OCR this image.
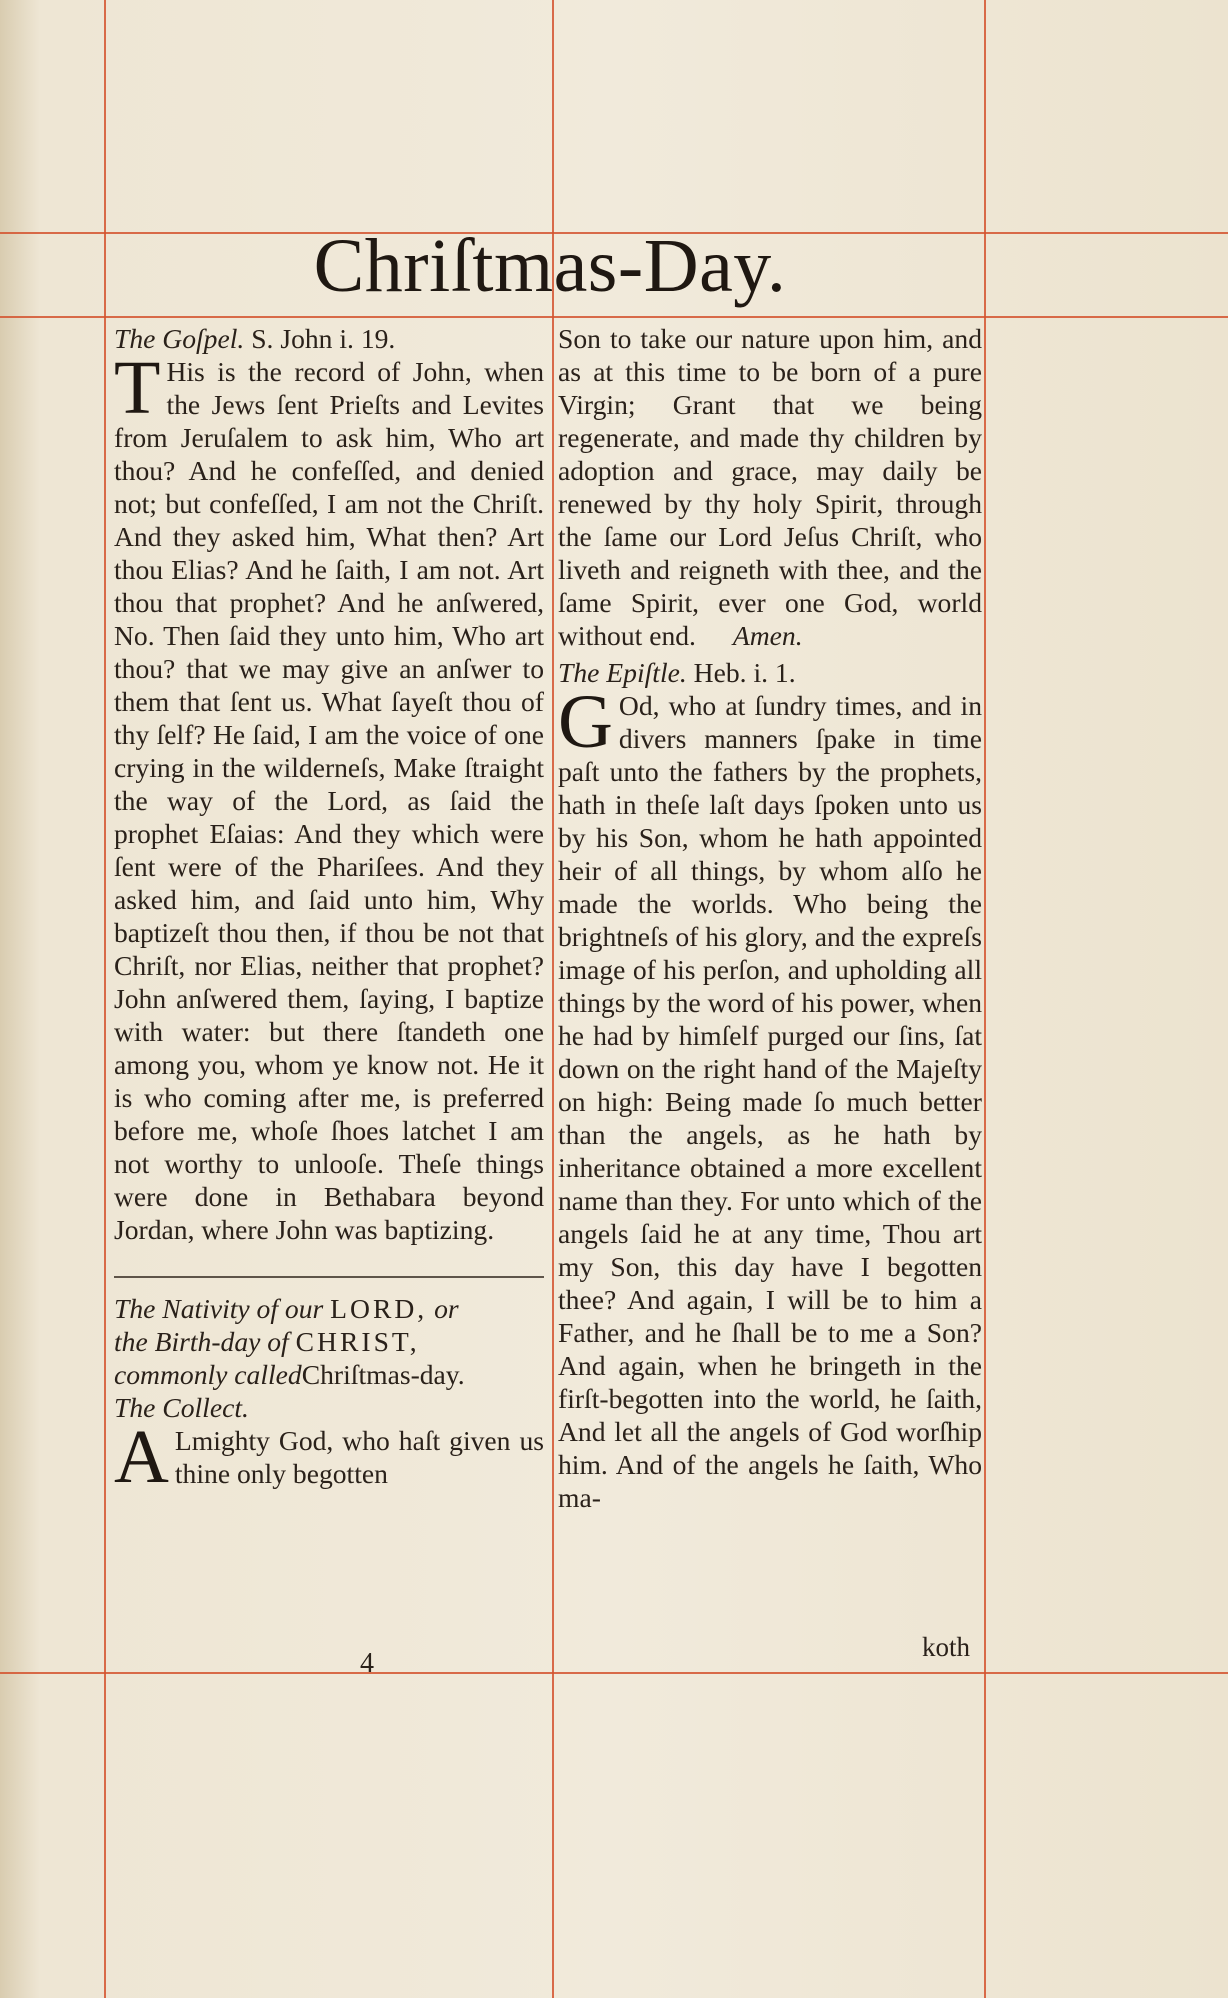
Chriſtmas-Day.

The Goſpel. S. John i. 19.

T His is the record of John, when the Jews ſent Prieſts and Levites from Jeruſalem to ask him, Who art thou? And he confeſſed, and denied not; but confeſſed, I am not the Chriſt. And they asked him, What then? Art thou Elias? And he ſaith, I am not. Art thou that prophet? And he anſwered, No. Then ſaid they unto him, Who art thou? that we may give an anſwer to them that ſent us. What ſayeſt thou of thy ſelf? He ſaid, I am the voice of one crying in the wilderneſs, Make ſtraight the way of the Lord, as ſaid the prophet Eſaias: And they which were ſent were of the Phariſees. And they asked him, and ſaid unto him, Why baptizeſt thou then, if thou be not that Chriſt, nor Elias, neither that prophet? John anſwered them, ſaying, I baptize with water: but there ſtandeth one among you, whom ye know not. He it is who coming after me, is preferred before me, whoſe ſhoes latchet I am not worthy to unlooſe. Theſe things were done in Bethabara beyond Jordan, where John was baptizing.

The Nativity of our LORD, or
the Birth-day of CHRIST,
commonly calledChriſtmas-day.

The Collect.

A Lmighty God, who haſt given us thine only begotten

Son to take our nature upon him, and as at this time to be born of a pure Virgin; Grant that we being regenerate, and made thy children by adoption and grace, may daily be renewed by thy holy Spirit, through the ſame our Lord Jeſus Chriſt, who liveth and reigneth with thee, and the ſame Spirit, ever one God, world without end. Amen.

The Epiſtle. Heb. i. 1.

G Od, who at ſundry times, and in divers manners ſpake in time paſt unto the fathers by the prophets, hath in theſe laſt days ſpoken unto us by his Son, whom he hath appointed heir of all things, by whom alſo he made the worlds. Who being the brightneſs of his glory, and the expreſs image of his perſon, and upholding all things by the word of his power, when he had by himſelf purged our ſins, ſat down on the right hand of the Majeſty on high: Being made ſo much better than the angels, as he hath by inheritance obtained a more excellent name than they. For unto which of the angels ſaid he at any time, Thou art my Son, this day have I begotten thee? And again, I will be to him a Father, and he ſhall be to me a Son? And again, when he bringeth in the firſt-begotten into the world, he ſaith, And let all the angels of God worſhip him. And of the angels he ſaith, Who ma-

4
koth
